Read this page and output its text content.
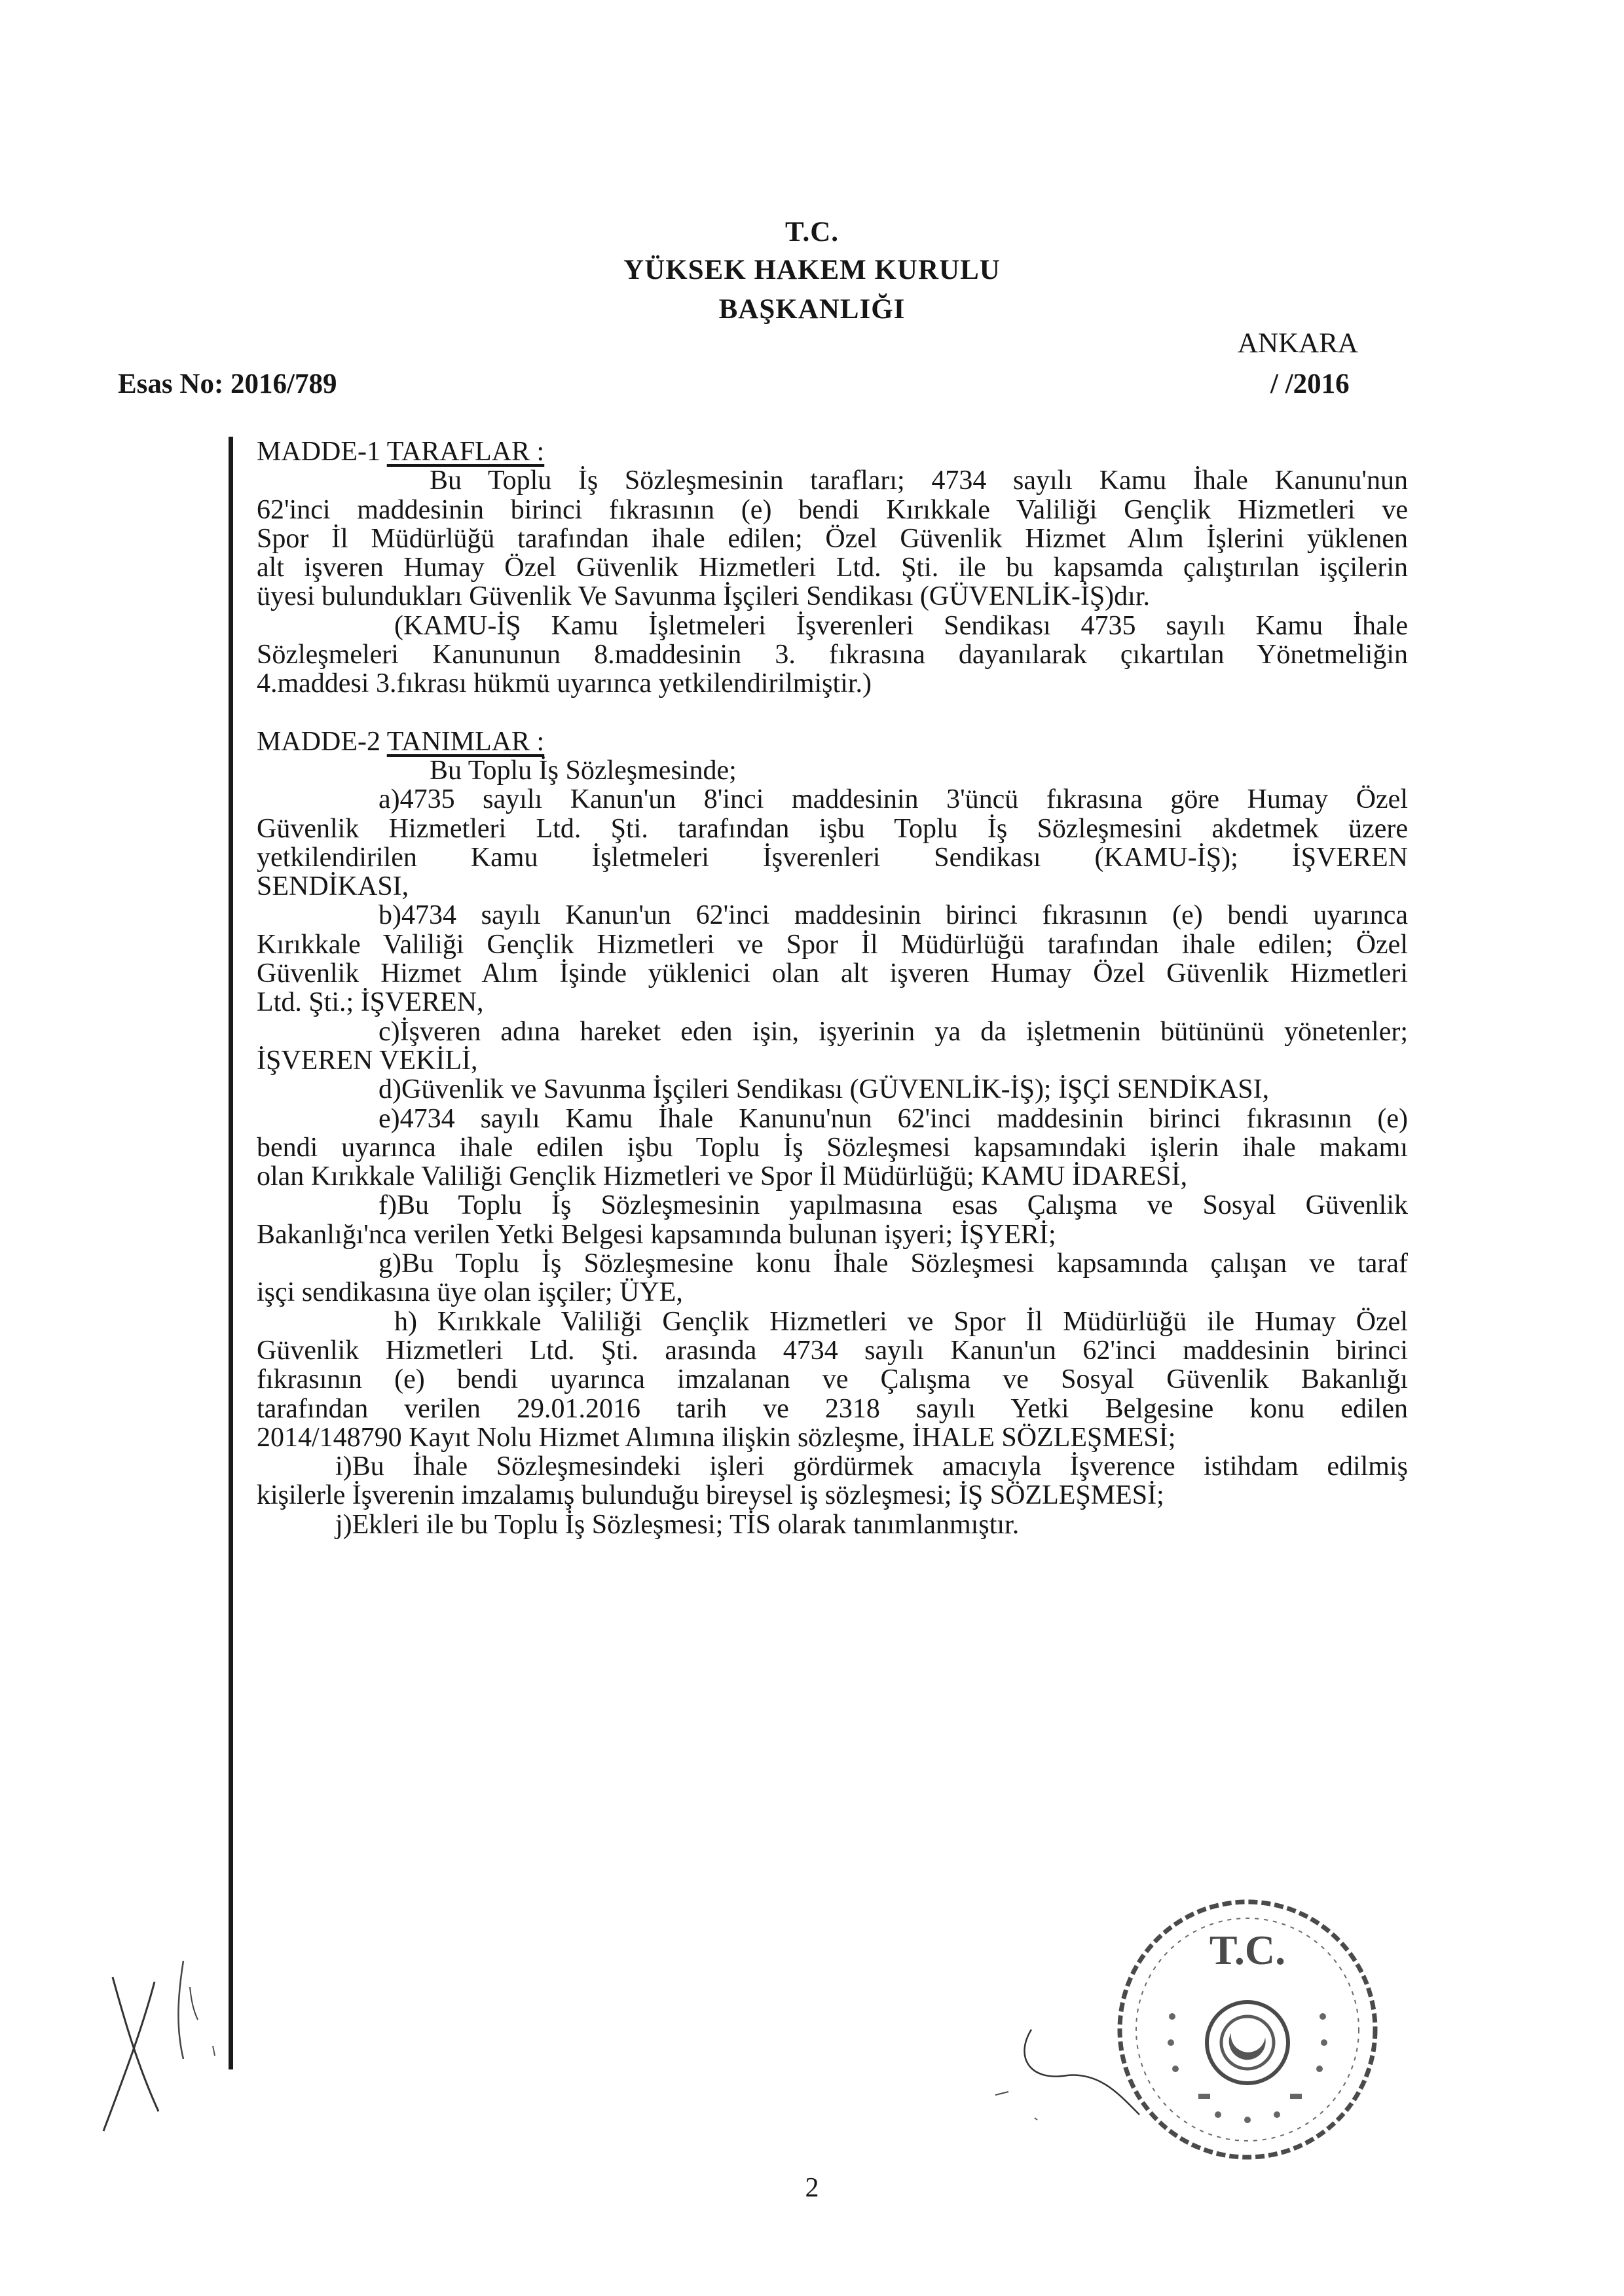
T.C.
YÜKSEK HAKEM KURULU
BAŞKANLIĞI
ANKARA
Esas No: 2016/789	/ /2016
MADDE-1 TARAFLAR :
Bu Toplu İş Sözleşmesinin tarafları; 4734 sayılı Kamu İhale Kanunu'nun
62'inci maddesinin birinci fıkrasının (e) bendi Kırıkkale Valiliği Gençlik Hizmetleri ve
Spor İl Müdürlüğü tarafından ihale edilen; Özel Güvenlik Hizmet Alım İşlerini yüklenen
alt işveren Humay Özel Güvenlik Hizmetleri Ltd. Şti. ile bu kapsamda çalıştırılan işçilerin
üyesi bulundukları Güvenlik Ve Savunma İşçileri Sendikası (GÜVENLİK-İŞ)dır.
(KAMU-İŞ Kamu İşletmeleri İşverenleri Sendikası 4735 sayılı Kamu İhale
Sözleşmeleri Kanununun 8.maddesinin 3. fıkrasına dayanılarak çıkartılan Yönetmeliğin
4.maddesi 3.fıkrası hükmü uyarınca yetkilendirilmiştir.)
MADDE-2 TANIMLAR :
Bu Toplu İş Sözleşmesinde;
a)4735 sayılı Kanun'un 8'inci maddesinin 3'üncü fıkrasına göre Humay Özel
Güvenlik Hizmetleri Ltd. Şti. tarafından işbu Toplu İş Sözleşmesini akdetmek üzere
yetkilendirilen Kamu İşletmeleri İşverenleri Sendikası (KAMU-İŞ); İŞVEREN
SENDİKASI,
b)4734 sayılı Kanun'un 62'inci maddesinin birinci fıkrasının (e) bendi uyarınca
Kırıkkale Valiliği Gençlik Hizmetleri ve Spor İl Müdürlüğü tarafından ihale edilen; Özel
Güvenlik Hizmet Alım İşinde yüklenici olan alt işveren Humay Özel Güvenlik Hizmetleri
Ltd. Şti.; İŞVEREN,
c)İşveren adına hareket eden işin, işyerinin ya da işletmenin bütününü yönetenler;
İŞVEREN VEKİLİ,
d)Güvenlik ve Savunma İşçileri Sendikası (GÜVENLİK-İŞ); İŞÇİ SENDİKASI,
e)4734 sayılı Kamu İhale Kanunu'nun 62'inci maddesinin birinci fıkrasının (e)
bendi uyarınca ihale edilen işbu Toplu İş Sözleşmesi kapsamındaki işlerin ihale makamı
olan Kırıkkale Valiliği Gençlik Hizmetleri ve Spor İl Müdürlüğü; KAMU İDARESİ,
f)Bu Toplu İş Sözleşmesinin yapılmasına esas Çalışma ve Sosyal Güvenlik
Bakanlığı'nca verilen Yetki Belgesi kapsamında bulunan işyeri; İŞYERİ;
g)Bu Toplu İş Sözleşmesine konu İhale Sözleşmesi kapsamında çalışan ve taraf
işçi sendikasına üye olan işçiler; ÜYE,
h) Kırıkkale Valiliği Gençlik Hizmetleri ve Spor İl Müdürlüğü ile Humay Özel
Güvenlik Hizmetleri Ltd. Şti. arasında 4734 sayılı Kanun'un 62'inci maddesinin birinci
fıkrasının (e) bendi uyarınca imzalanan ve Çalışma ve Sosyal Güvenlik Bakanlığı
tarafından verilen 29.01.2016 tarih ve 2318 sayılı Yetki Belgesine konu edilen
2014/148790 Kayıt Nolu Hizmet Alımına ilişkin sözleşme, İHALE SÖZLEŞMESİ;
i)Bu İhale Sözleşmesindeki işleri gördürmek amacıyla İşverence istihdam edilmiş
kişilerle İşverenin imzalamış bulunduğu bireysel iş sözleşmesi; İŞ SÖZLEŞMESİ;
j)Ekleri ile bu Toplu İş Sözleşmesi; TİS olarak tanımlanmıştır.
T.C.
2
